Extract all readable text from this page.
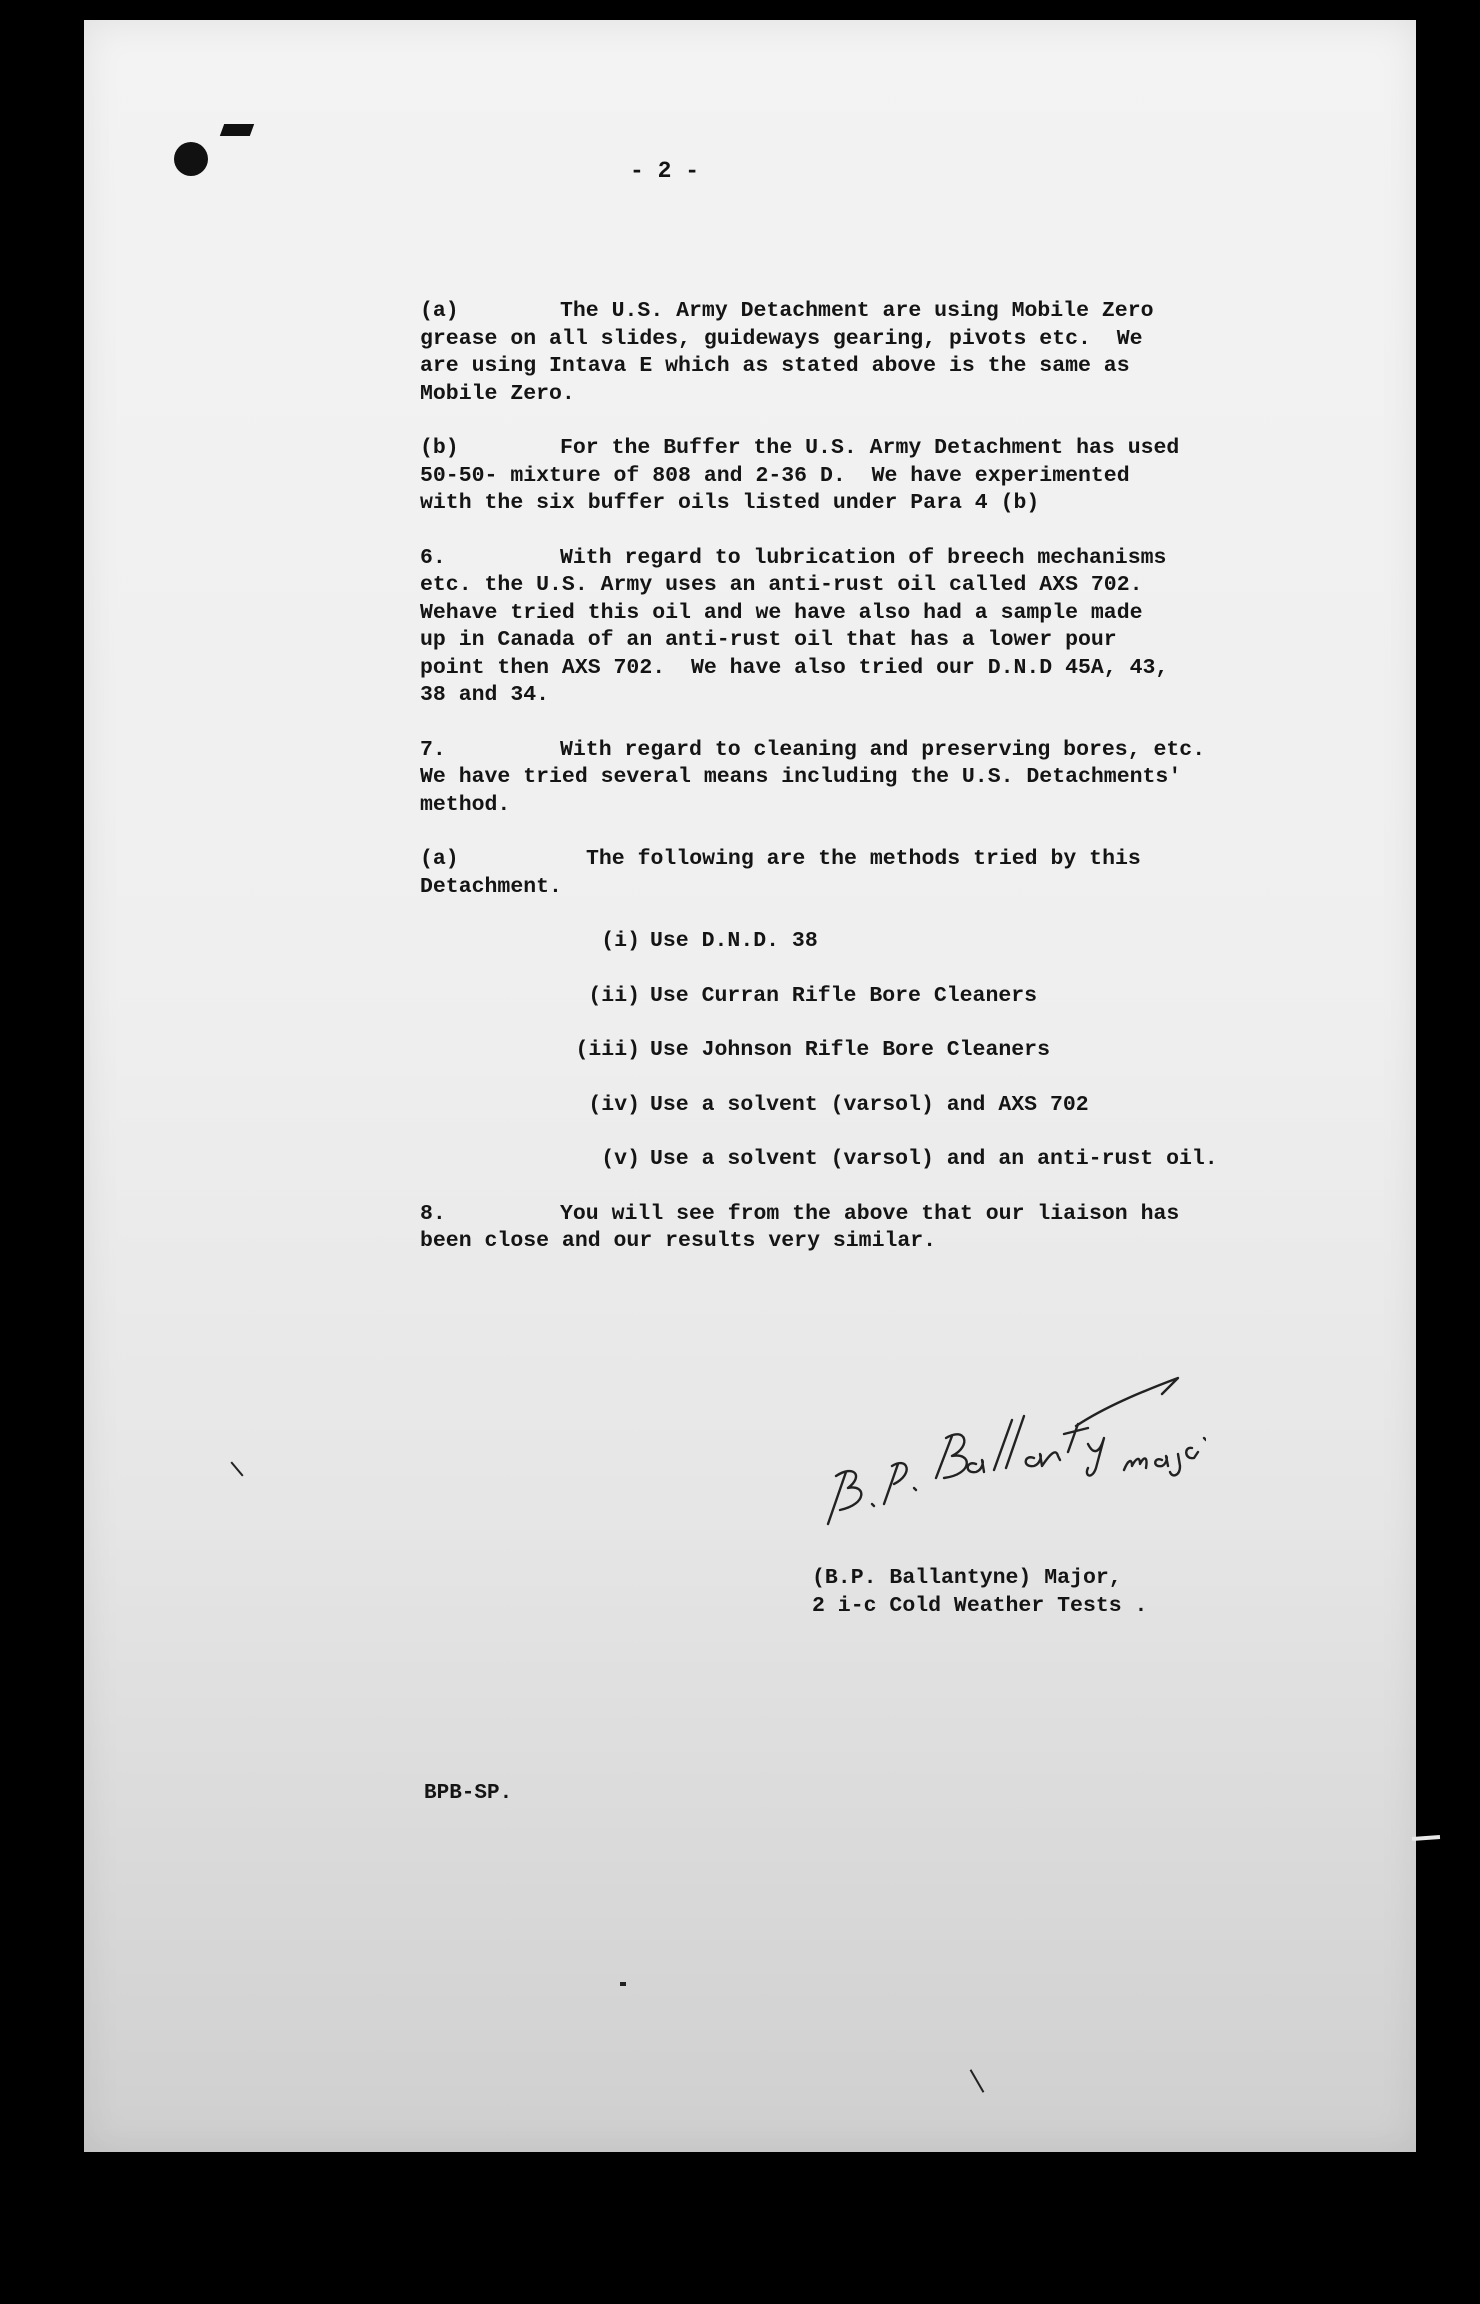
- 2 -
(a)	The U.S. Army Detachment are using Mobile Zero
grease on all slides, guideways gearing, pivots etc.  We
are using Intava E which as stated above is the same as
Mobile Zero.
(b)	For the Buffer the U.S. Army Detachment has used
50-50- mixture of 808 and 2-36 D.  We have experimented
with the six buffer oils listed under Para 4 (b)
6.	With regard to lubrication of breech mechanisms
etc. the U.S. Army uses an anti-rust oil called AXS 702.
Wehave tried this oil and we have also had a sample made
up in Canada of an anti-rust oil that has a lower pour
point then AXS 702.  We have also tried our D.N.D 45A, 43,
38 and 34.
7.	With regard to cleaning and preserving bores, etc.
We have tried several means including the U.S. Detachments'
method.
(a)	The following are the methods tried by this
Detachment.
(i) Use D.N.D. 38
(ii) Use Curran Rifle Bore Cleaners
(iii) Use Johnson Rifle Bore Cleaners
(iv) Use a solvent (varsol) and AXS 702
(v) Use a solvent (varsol) and an anti-rust oil.
8.	You will see from the above that our liaison has
been close and our results very similar.
(B.P. Ballantyne) Major,
2 i-c Cold Weather Tests .
BPB-SP.
